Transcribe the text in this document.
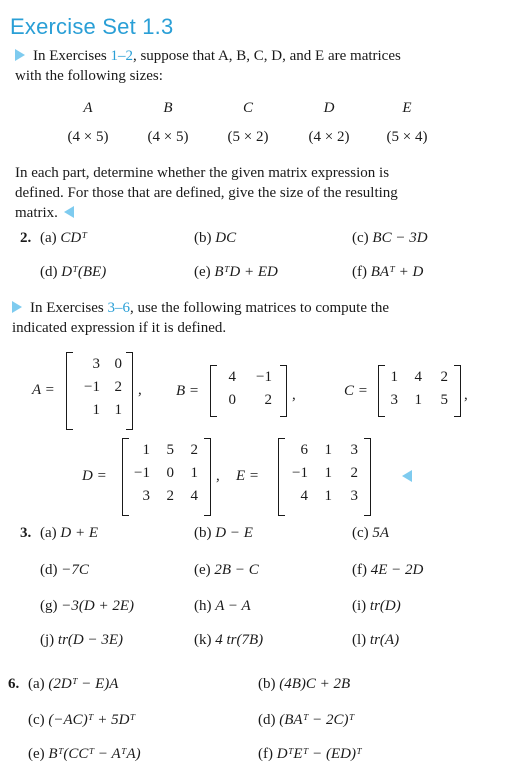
Exercise Set 1.3
In Exercises 1–2, suppose that A, B, C, D, and E are matrices
with the following sizes:
A	B	C	D	E
(4 × 5)	(4 × 5)	(5 × 2)	(4 × 2)	(5 × 4)
In each part, determine whether the given matrix expression is
defined. For those that are defined, give the size of the resulting
matrix.
2. (a) CDᵀ	(b) DC	(c) BC − 3D
(d) Dᵀ(BE)	(e) BᵀD + ED	(f) BAᵀ + D
In Exercises 3–6, use the following matrices to compute the
indicated expression if it is defined.
A =
3 0
−1 2
1 1
, B =
4	−1
0	2 ,	C =
1	4	2
3	1	5 ,
D =
1	5	2
−1	0	1
3	2	4
, E =
6	1	3
−1	1	2
4	1	3
3. (a) D + E	(b) D − E	(c) 5A
(d) −7C	(e) 2B − C	(f) 4E − 2D
(g) −3(D + 2E)	(h) A − A	(i) tr(D)
(j) tr(D − 3E)	(k) 4 tr(7B)	(l) tr(A)
6. (a) (2Dᵀ − E)A	(b) (4B)C + 2B
(c) (−AC)ᵀ + 5Dᵀ	(d) (BAᵀ − 2C)ᵀ
(e) Bᵀ(CCᵀ − AᵀA)	(f) DᵀEᵀ − (ED)ᵀ
